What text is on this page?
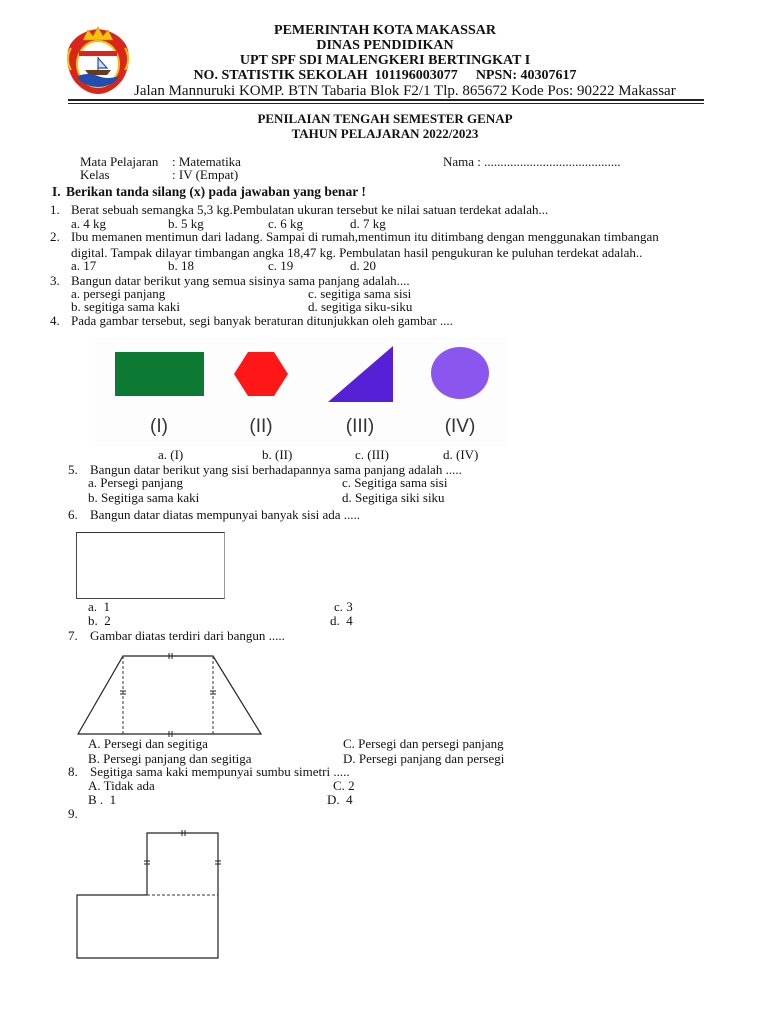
PEMERINTAH KOTA MAKASSAR
DINAS PENDIDIKAN
UPT SPF SDI MALENGKERI BERTINGKAT I
NO. STATISTIK SEKOLAH  101196003077 NPSN: 40307617
Jalan Mannuruki KOMP. BTN Tabaria Blok F2/1 Tlp. 865672 Kode Pos: 90222 Makassar
PENILAIAN TENGAH SEMESTER GENAP
TAHUN PELAJARAN 2022/2023
Mata Pelajaran : Matematika	Nama : ..........................................
Kelas	: IV (Empat)
I. Berikan tanda silang (x) pada jawaban yang benar !
1. Berat sebuah semangka 5,3 kg.Pembulatan ukuran tersebut ke nilai satuan terdekat adalah...
a. 4 kg	b. 5 kg	c. 6 kg	d. 7 kg
2. Ibu memanen mentimun dari ladang. Sampai di rumah,mentimun itu ditimbang dengan menggunakan timbangan
digital. Tampak dilayar timbangan angka 18,47 kg. Pembulatan hasil pengukuran ke puluhan terdekat adalah..
a. 17	b. 18	c. 19	d. 20
3. Bangun datar berikut yang semua sisinya sama panjang adalah....
a. persegi panjang
b. segitiga sama kaki
c. segitiga sama sisi
d. segitiga siku-siku
4. Pada gambar tersebut, segi banyak beraturan ditunjukkan oleh gambar ....
(I)	(II)	(III)	(IV)
a. (I)	b. (II)	c. (III)	d. (IV)
5. Bangun datar berikut yang sisi berhadapannya sama panjang adalah .....
a. Persegi panjang
b. Segitiga sama kaki
c. Segitiga sama sisi
d. Segitiga siki siku
6. Bangun datar diatas mempunyai banyak sisi ada .....
a.  1
b.  2
c. 3
d.  4
7. Gambar diatas terdiri dari bangun .....
A. Persegi dan segitiga
B. Persegi panjang dan segitiga
C. Persegi dan persegi panjang
D. Persegi panjang dan persegi
8. Segitiga sama kaki mempunyai sumbu simetri .....
A. Tidak ada
B .  1
C. 2
D.  4
9.
